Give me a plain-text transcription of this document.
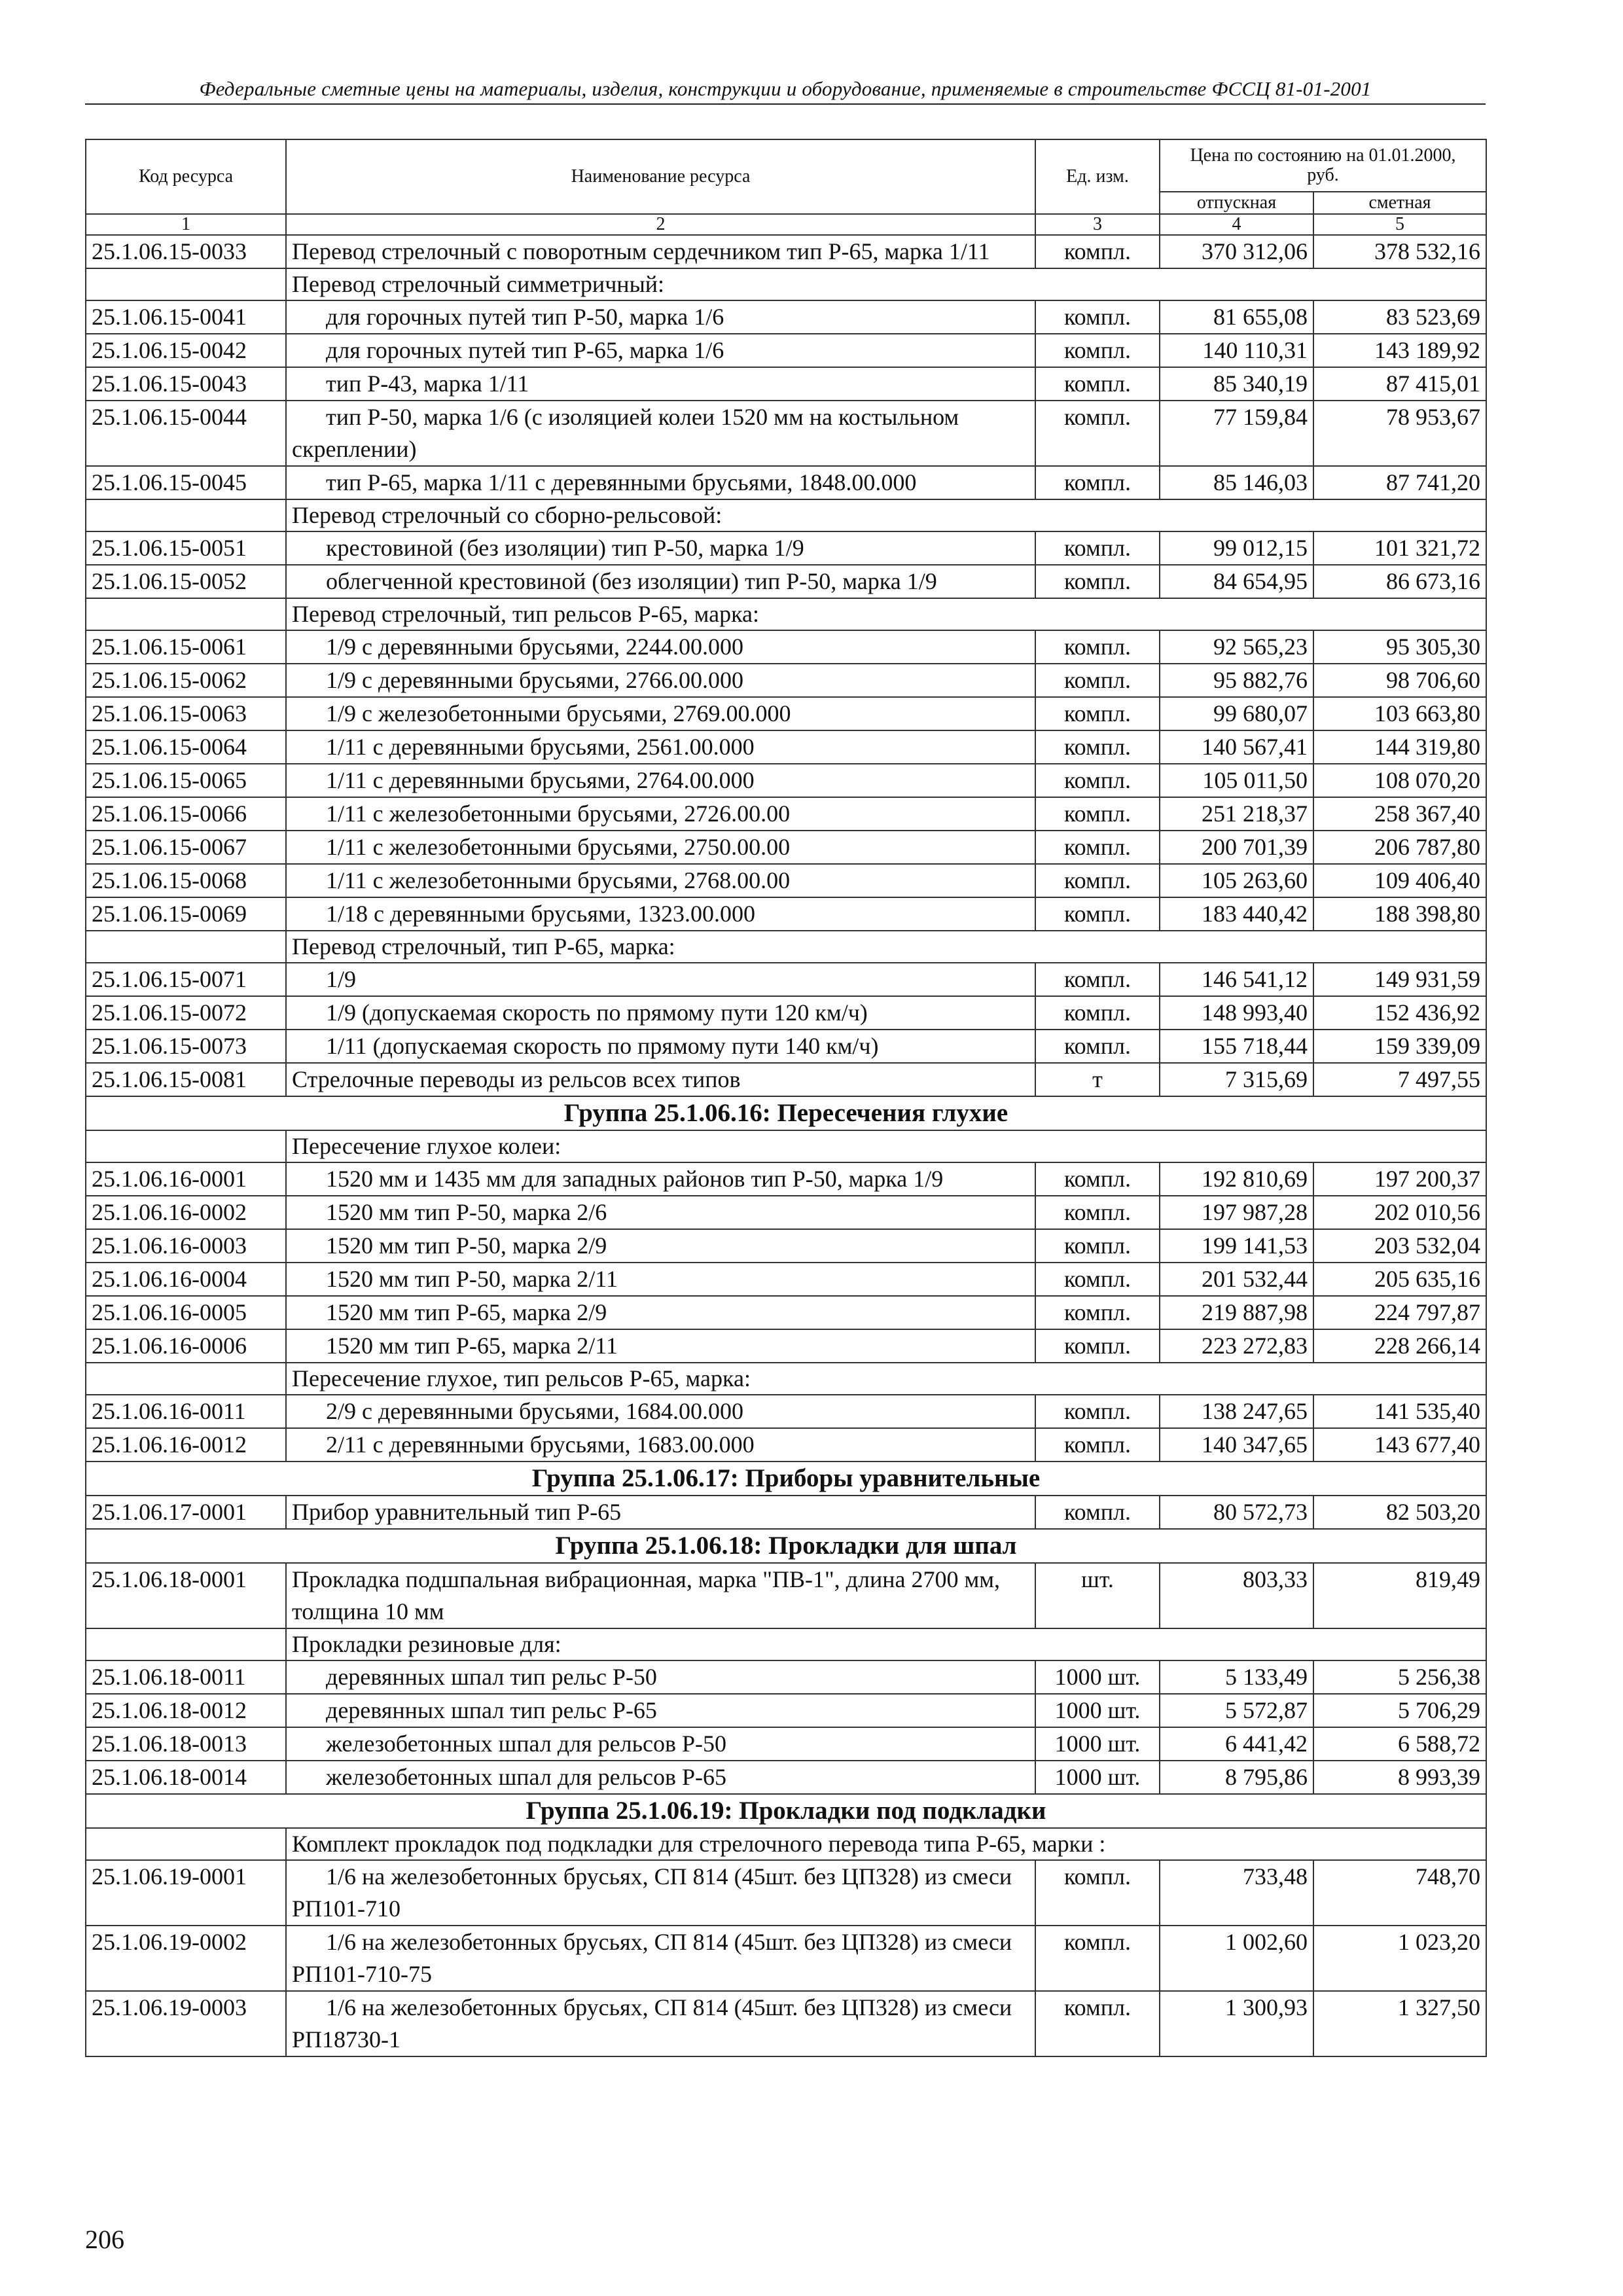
Федеральные сметные цены на материалы, изделия, конструкции и оборудование, применяемые в строительстве ФССЦ 81-01-2001
Код ресурса	Наименование ресурса	Ед. изм.	Цена по состоянию на 01.01.2000, руб.	
			отпускная	сметная
1	2	3	4	5
25.1.06.15-0033	Перевод стрелочный с поворотным сердечником тип Р-65, марка 1/11	компл.	370 312,06	378 532,16
	Перевод стрелочный симметричный:			
25.1.06.15-0041	для горочных путей тип Р-50, марка 1/6	компл.	81 655,08	83 523,69
25.1.06.15-0042	для горочных путей тип Р-65, марка 1/6	компл.	140 110,31	143 189,92
25.1.06.15-0043	тип Р-43, марка 1/11	компл.	85 340,19	87 415,01
25.1.06.15-0044	тип Р-50, марка 1/6 (с изоляцией колеи 1520 мм на костыльном скреплении)	компл.	77 159,84	78 953,67
25.1.06.15-0045	тип Р-65, марка 1/11 с деревянными брусьями, 1848.00.000	компл.	85 146,03	87 741,20
	Перевод стрелочный со сборно-рельсовой:			
25.1.06.15-0051	крестовиной (без изоляции) тип Р-50, марка 1/9	компл.	99 012,15	101 321,72
25.1.06.15-0052	облегченной крестовиной (без изоляции) тип Р-50, марка 1/9	компл.	84 654,95	86 673,16
	Перевод стрелочный, тип рельсов Р-65, марка:			
25.1.06.15-0061	1/9 с деревянными брусьями, 2244.00.000	компл.	92 565,23	95 305,30
25.1.06.15-0062	1/9 с деревянными брусьями, 2766.00.000	компл.	95 882,76	98 706,60
25.1.06.15-0063	1/9 с железобетонными брусьями, 2769.00.000	компл.	99 680,07	103 663,80
25.1.06.15-0064	1/11 с деревянными брусьями, 2561.00.000	компл.	140 567,41	144 319,80
25.1.06.15-0065	1/11 с деревянными брусьями, 2764.00.000	компл.	105 011,50	108 070,20
25.1.06.15-0066	1/11 с железобетонными брусьями, 2726.00.00	компл.	251 218,37	258 367,40
25.1.06.15-0067	1/11 с железобетонными брусьями, 2750.00.00	компл.	200 701,39	206 787,80
25.1.06.15-0068	1/11 с железобетонными брусьями, 2768.00.00	компл.	105 263,60	109 406,40
25.1.06.15-0069	1/18 с деревянными брусьями, 1323.00.000	компл.	183 440,42	188 398,80
	Перевод стрелочный, тип Р-65, марка:			
25.1.06.15-0071	1/9	компл.	146 541,12	149 931,59
25.1.06.15-0072	1/9 (допускаемая скорость по прямому пути 120 км/ч)	компл.	148 993,40	152 436,92
25.1.06.15-0073	1/11 (допускаемая скорость по прямому пути 140 км/ч)	компл.	155 718,44	159 339,09
25.1.06.15-0081	Стрелочные переводы из рельсов всех типов	т	7 315,69	7 497,55
Группа 25.1.06.16: Пересечения глухие				
	Пересечение глухое колеи:			
25.1.06.16-0001	1520 мм и 1435 мм для западных районов тип Р-50, марка 1/9	компл.	192 810,69	197 200,37
25.1.06.16-0002	1520 мм тип Р-50, марка 2/6	компл.	197 987,28	202 010,56
25.1.06.16-0003	1520 мм тип Р-50, марка 2/9	компл.	199 141,53	203 532,04
25.1.06.16-0004	1520 мм тип Р-50, марка 2/11	компл.	201 532,44	205 635,16
25.1.06.16-0005	1520 мм тип Р-65, марка 2/9	компл.	219 887,98	224 797,87
25.1.06.16-0006	1520 мм тип Р-65, марка 2/11	компл.	223 272,83	228 266,14
	Пересечение глухое, тип рельсов Р-65, марка:			
25.1.06.16-0011	2/9 с деревянными брусьями, 1684.00.000	компл.	138 247,65	141 535,40
25.1.06.16-0012	2/11 с деревянными брусьями, 1683.00.000	компл.	140 347,65	143 677,40
Группа 25.1.06.17: Приборы уравнительные				
25.1.06.17-0001	Прибор уравнительный тип Р-65	компл.	80 572,73	82 503,20
Группа 25.1.06.18: Прокладки для шпал				
25.1.06.18-0001	Прокладка подшпальная вибрационная, марка "ПВ-1", длина 2700 мм, толщина 10 мм	шт.	803,33	819,49
	Прокладки резиновые для:			
25.1.06.18-0011	деревянных шпал тип рельс Р-50	1000 шт.	5 133,49	5 256,38
25.1.06.18-0012	деревянных шпал тип рельс Р-65	1000 шт.	5 572,87	5 706,29
25.1.06.18-0013	железобетонных шпал для рельсов Р-50	1000 шт.	6 441,42	6 588,72
25.1.06.18-0014	железобетонных шпал для рельсов Р-65	1000 шт.	8 795,86	8 993,39
Группа 25.1.06.19: Прокладки под подкладки				
	Комплект прокладок под подкладки для стрелочного перевода типа Р-65, марки :			
25.1.06.19-0001	1/6 на железобетонных брусьях, СП 814 (45шт. без ЦП328) из смеси РП101-710	компл.	733,48	748,70
25.1.06.19-0002	1/6 на железобетонных брусьях, СП 814 (45шт. без ЦП328) из смеси РП101-710-75	компл.	1 002,60	1 023,20
25.1.06.19-0003	1/6 на железобетонных брусьях, СП 814 (45шт. без ЦП328) из смеси РП18730-1	компл.	1 300,93	1 327,50
206
